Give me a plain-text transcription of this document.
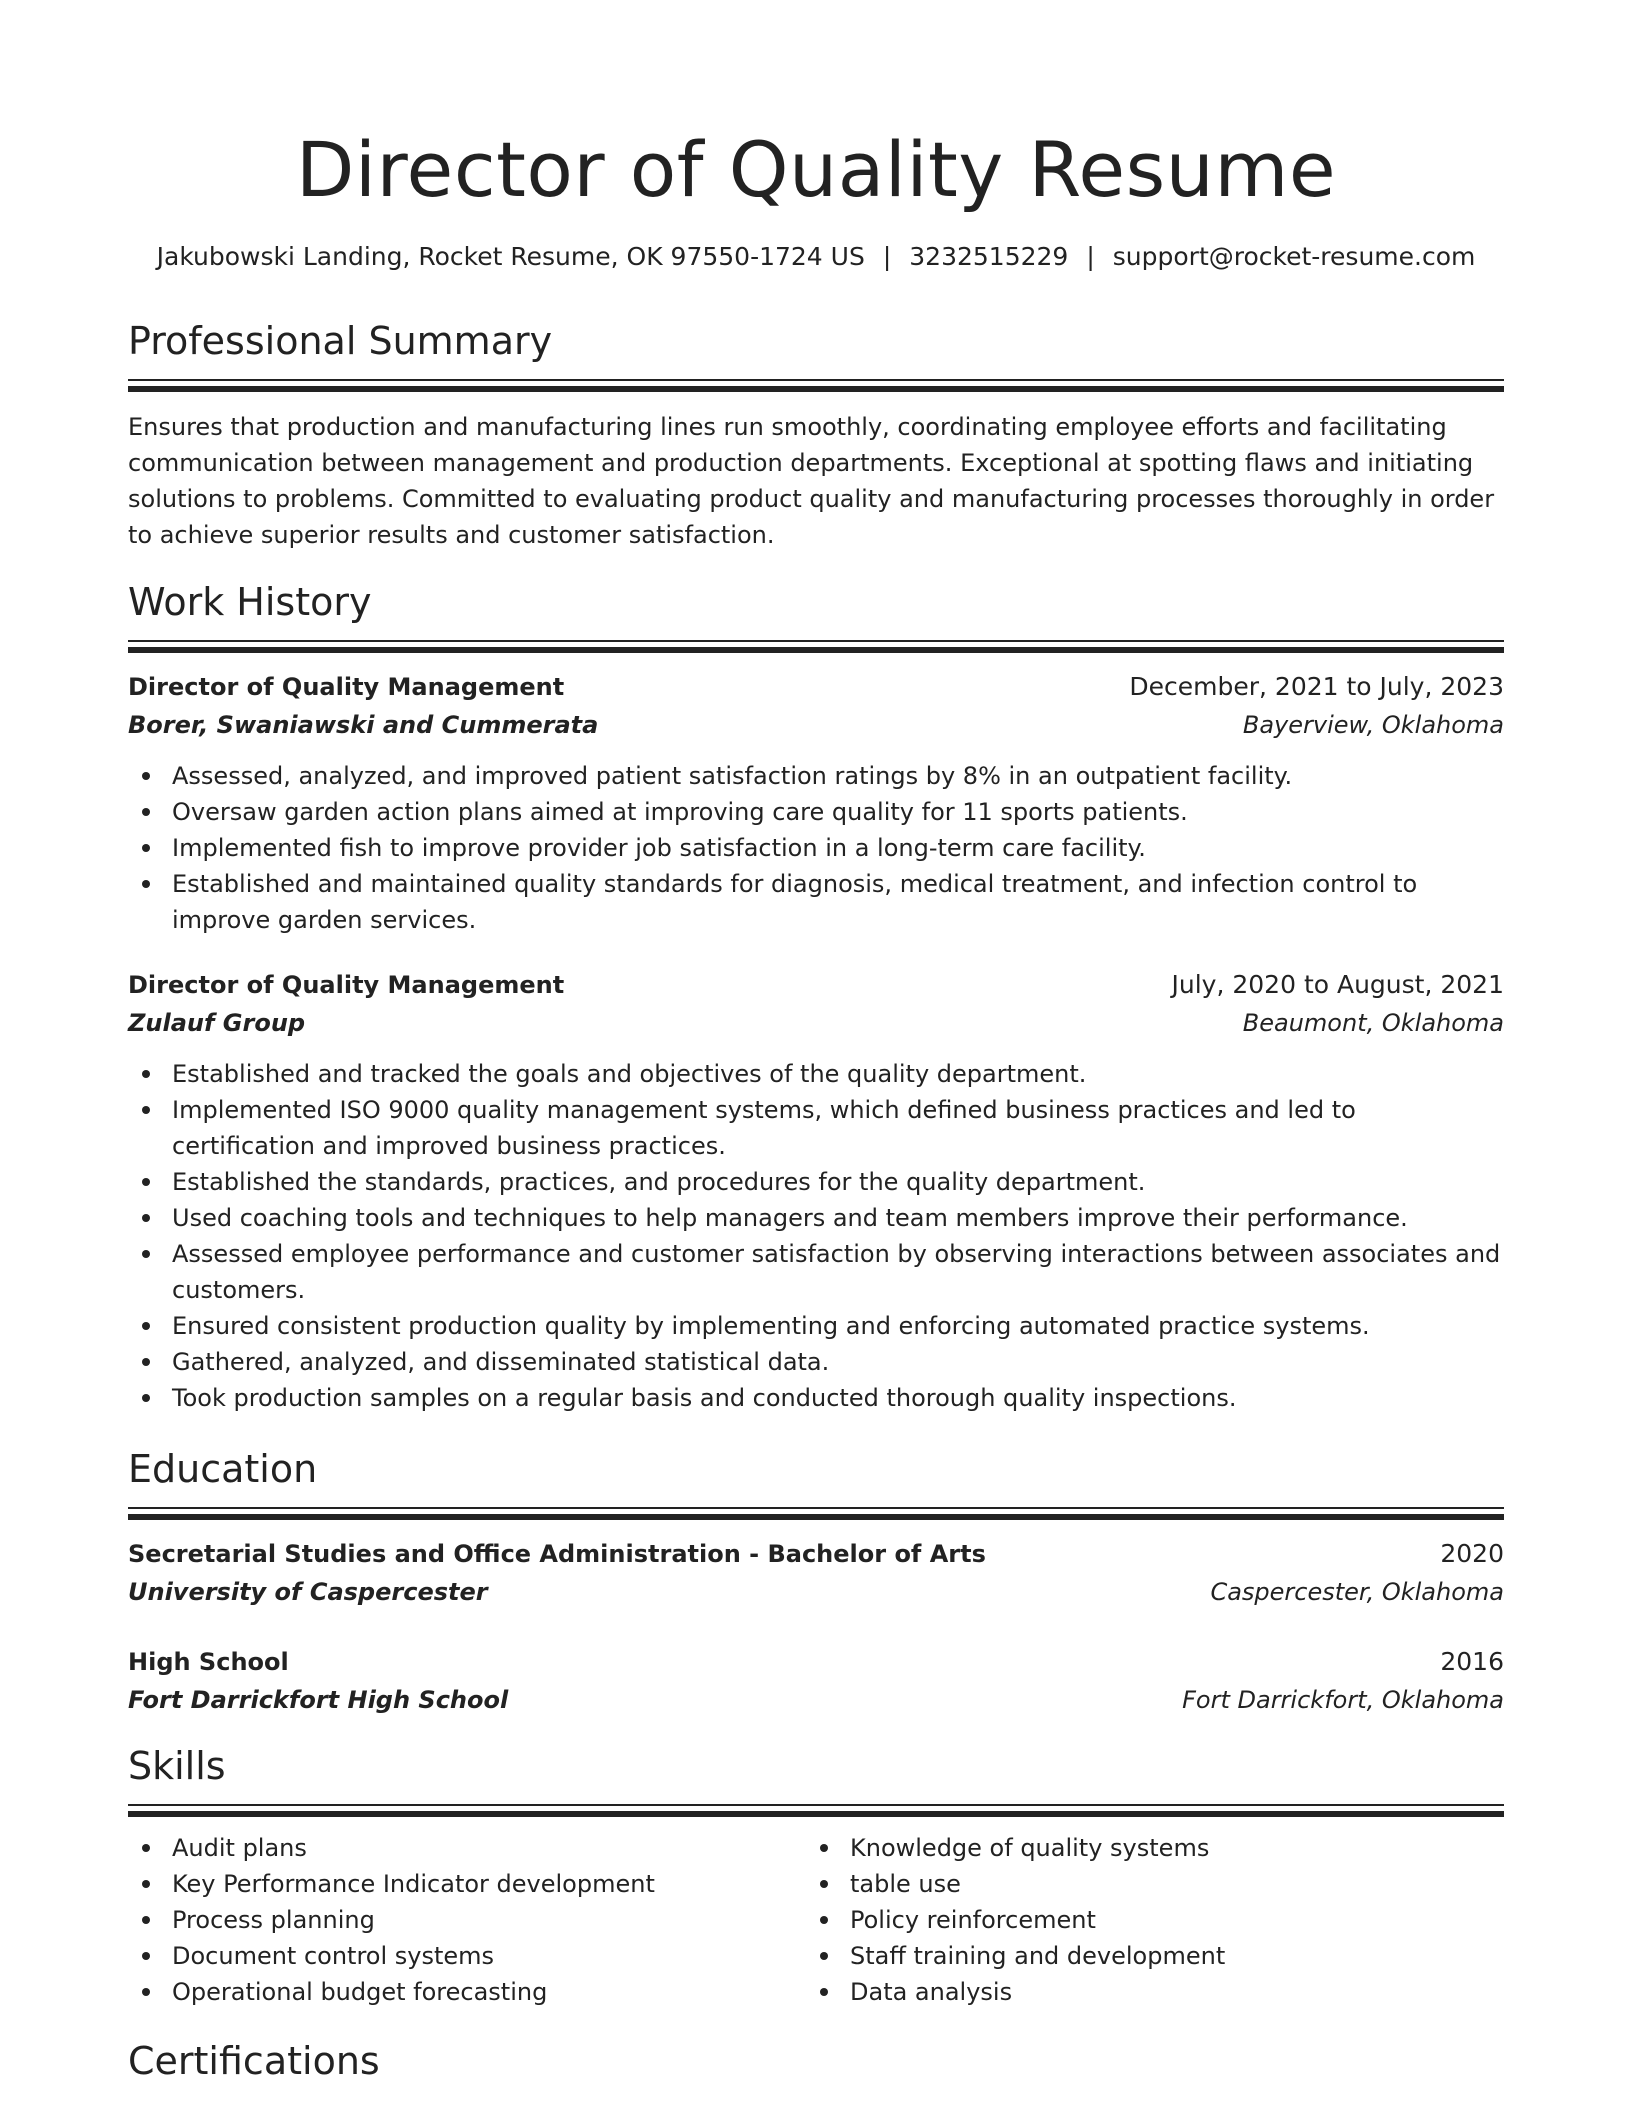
Director of Quality Resume
Jakubowski Landing, Rocket Resume, OK 97550-1724 US | 3232515229 | support@rocket-resume.com
Professional Summary
Ensures that production and manufacturing lines run smoothly, coordinating employee efforts and facilitating communication between management and production departments. Exceptional at spotting flaws and initiating solutions to problems. Committed to evaluating product quality and manufacturing processes thoroughly in order to achieve superior results and customer satisfaction.
Work History
Director of Quality Management	December, 2021 to July, 2023
Borer, Swaniawski and Cummerata	Bayerview, Oklahoma
Assessed, analyzed, and improved patient satisfaction ratings by 8% in an outpatient facility.
Oversaw garden action plans aimed at improving care quality for 11 sports patients.
Implemented fish to improve provider job satisfaction in a long-term care facility.
Established and maintained quality standards for diagnosis, medical treatment, and infection control to improve garden services.
Director of Quality Management	July, 2020 to August, 2021
Zulauf Group	Beaumont, Oklahoma
Established and tracked the goals and objectives of the quality department.
Implemented ISO 9000 quality management systems, which defined business practices and led to certification and improved business practices.
Established the standards, practices, and procedures for the quality department.
Used coaching tools and techniques to help managers and team members improve their performance.
Assessed employee performance and customer satisfaction by observing interactions between associates and customers.
Ensured consistent production quality by implementing and enforcing automated practice systems.
Gathered, analyzed, and disseminated statistical data.
Took production samples on a regular basis and conducted thorough quality inspections.
Education
Secretarial Studies and Office Administration - Bachelor of Arts	2020
University of Caspercester	Caspercester, Oklahoma
High School	2016
Fort Darrickfort High School	Fort Darrickfort, Oklahoma
Skills
Audit plans
Key Performance Indicator development
Process planning
Document control systems
Operational budget forecasting
Knowledge of quality systems
table use
Policy reinforcement
Staff training and development
Data analysis
Certifications
